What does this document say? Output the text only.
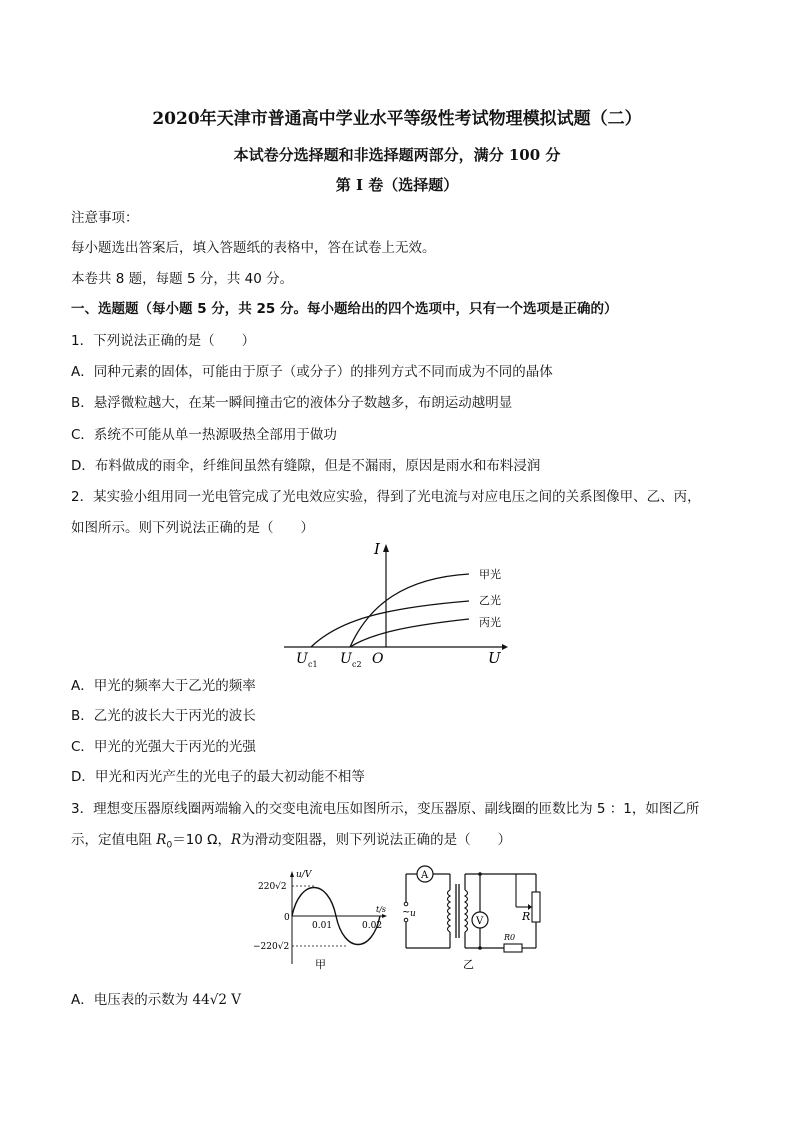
2020年天津市普通高中学业水平等级性考试物理模拟试题（二）
本试卷分选择题和非选择题两部分，满分 100 分
第 I 卷（选择题）
注意事项：
每小题选出答案后，填入答题纸的表格中，答在试卷上无效。
本卷共 8 题，每题 5 分，共 40 分。
一、选题题（每小题 5 分，共 25 分。每小题给出的四个选项中，只有一个选项是正确的）
1．下列说法正确的是（　　）
A．同种元素的固体，可能由于原子（或分子）的排列方式不同而成为不同的晶体
B．悬浮微粒越大，在某一瞬间撞击它的液体分子数越多，布朗运动越明显
C．系统不可能从单一热源吸热全部用于做功
D．布料做成的雨伞，纤维间虽然有缝隙，但是不漏雨，原因是雨水和布料浸润
2．某实验小组用同一光电管完成了光电效应实验，得到了光电流与对应电压之间的关系图像甲、乙、丙，
如图所示。则下列说法正确的是（　　）
I
U
O
U c1 U c2
甲光
乙光
丙光
A．甲光的频率大于乙光的频率
B．乙光的波长大于丙光的波长
C．甲光的光强大于丙光的光强
D．甲光和丙光产生的光电子的最大初动能不相等
3．理想变压器原线圈两端输入的交变电流电压如图所示，变压器原、副线圈的匝数比为 5 ：1，如图乙所
示，定值电阻 $R_0=10$ Ω，R为滑动变阻器，则下列说法正确的是（　　）
u/V
t/s
220√2
−220√2
0
0.01	0.02
甲
A
~ u
R0
V	R
乙
A．电压表的示数为 44√2 V
